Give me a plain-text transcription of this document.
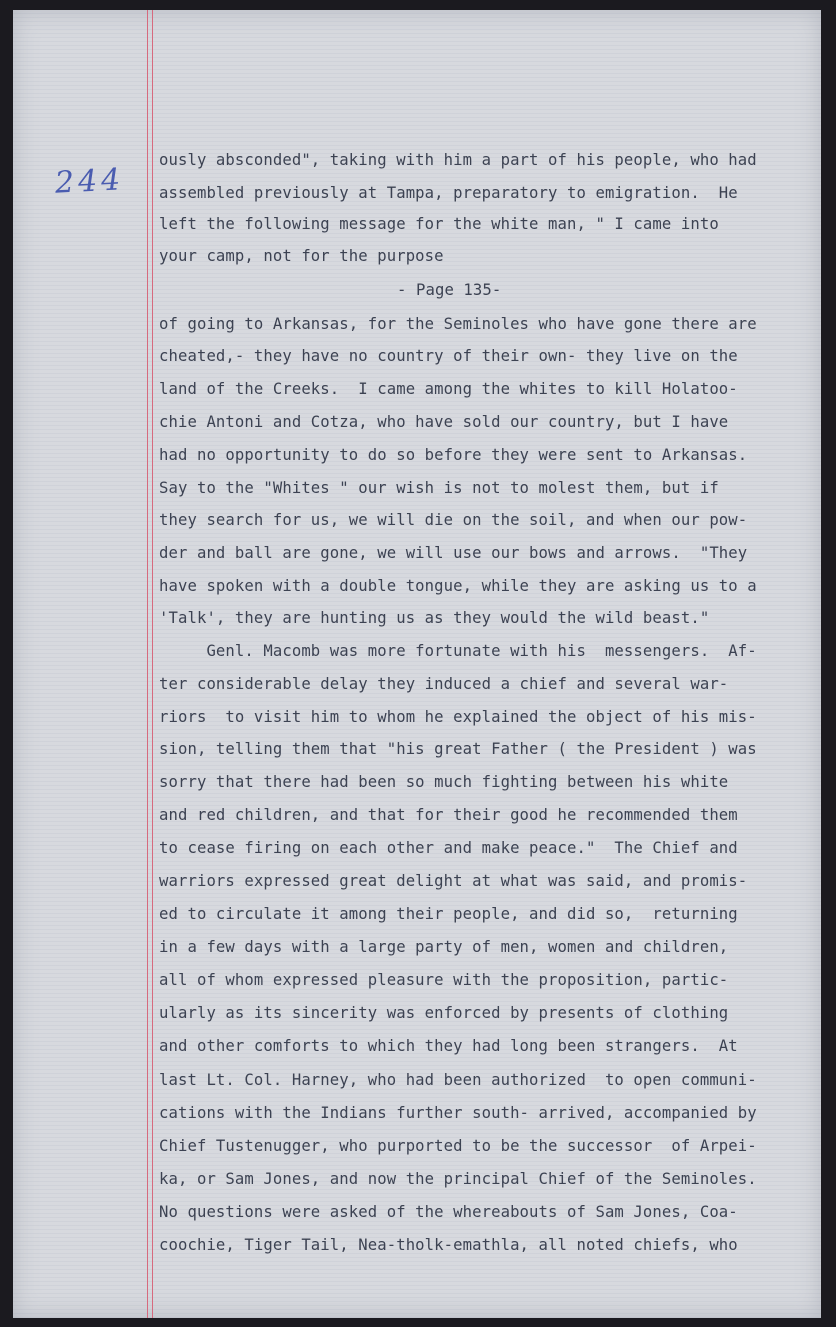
244

ously absconded", taking with him a part of his people, who had

assembled previously at Tampa, preparatory to emigration.  He

left the following message for the white man, " I came into

your camp, not for the purpose

- Page 135-

of going to Arkansas, for the Seminoles who have gone there are

cheated,- they have no country of their own- they live on the

land of the Creeks.  I came among the whites to kill Holatoo-

chie Antoni and Cotza, who have sold our country, but I have

had no opportunity to do so before they were sent to Arkansas.

Say to the "Whites " our wish is not to molest them, but if

they search for us, we will die on the soil, and when our pow-

der and ball are gone, we will use our bows and arrows.  "They

have spoken with a double tongue, while they are asking us to a

'Talk', they are hunting us as they would the wild beast."

Genl. Macomb was more fortunate with his  messengers.  Af-

ter considerable delay they induced a chief and several war-

riors  to visit him to whom he explained the object of his mis-

sion, telling them that "his great Father ( the President ) was

sorry that there had been so much fighting between his white

and red children, and that for their good he recommended them

to cease firing on each other and make peace."  The Chief and

warriors expressed great delight at what was said, and promis-

ed to circulate it among their people, and did so,  returning

in a few days with a large party of men, women and children,

all of whom expressed pleasure with the proposition, partic-

ularly as its sincerity was enforced by presents of clothing

and other comforts to which they had long been strangers.  At

last Lt. Col. Harney, who had been authorized  to open communi-

cations with the Indians further south- arrived, accompanied by

Chief Tustenugger, who purported to be the successor  of Arpei-

ka, or Sam Jones, and now the principal Chief of the Seminoles.

No questions were asked of the whereabouts of Sam Jones, Coa-

coochie, Tiger Tail, Nea-tholk-emathla, all noted chiefs, who
